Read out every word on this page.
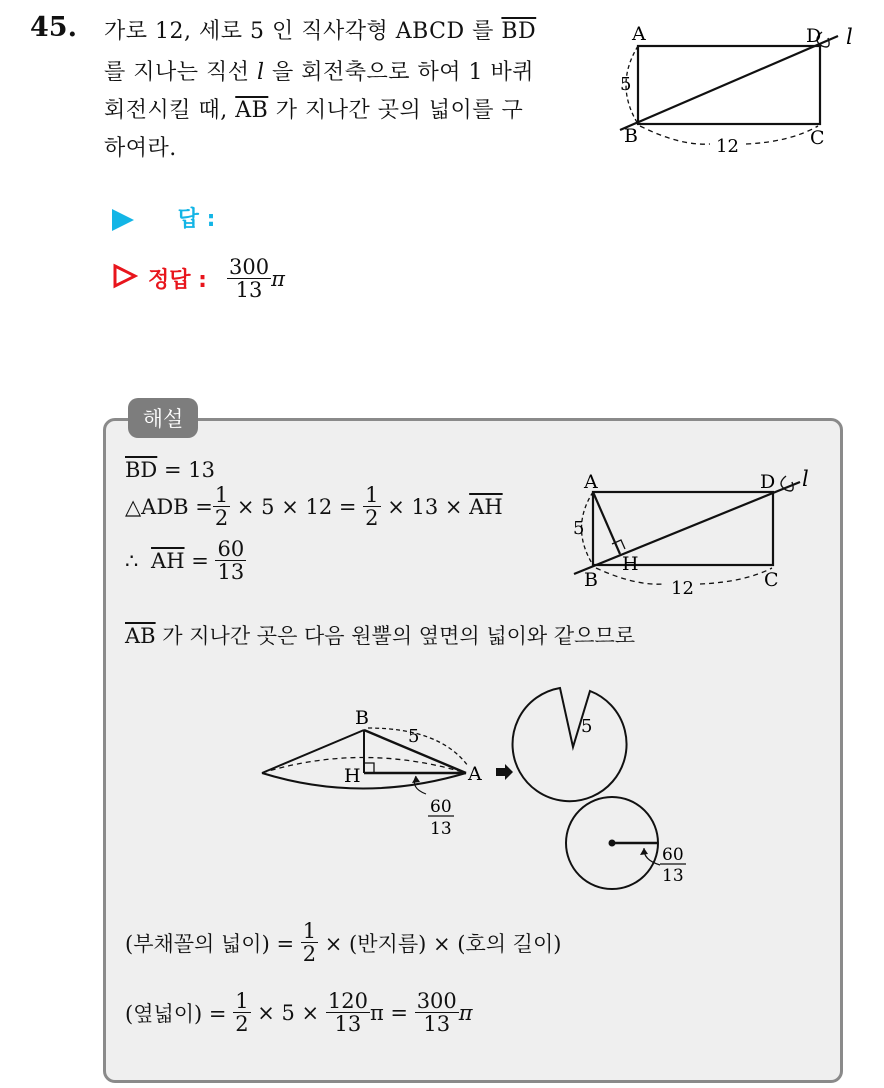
45. 가로 12, 세로 5 인 직사각형 ABCD 를 $\overline{BD}$
를 지나는 직선 l 을 회전축으로 하여 1 바퀴
회전시킬 때, $\overline{AB}$ 가 지나간 곳의 넓이를 구
하여라.
A
B	C
D l
5
12
답 :
정답 : $\frac{300}{13}$ π
해설
$\overline{BD} = 13$
△ADB = $\frac{1}{2} \times 5 \times 12 = \frac{1}{2} \times 13 \times \overline{AH}$
∴ $\overline{AH} = \frac{60}{13}$
A
B	C
D
H
l
5
12
$\overline{AB}$ 가 지나간 곳은 다음 원뿔의 옆면의 넓이와 같으므로
B
H	A
5
60
13
5
60
13
(부채꼴의 넓이) = $\frac{1}{2}$ × (반지름) × (호의 길이)
(옆넓이) = $\frac{1}{2} \times 5 \times \frac{120}{13}$ $\pi = \frac{300}{13}$ π
